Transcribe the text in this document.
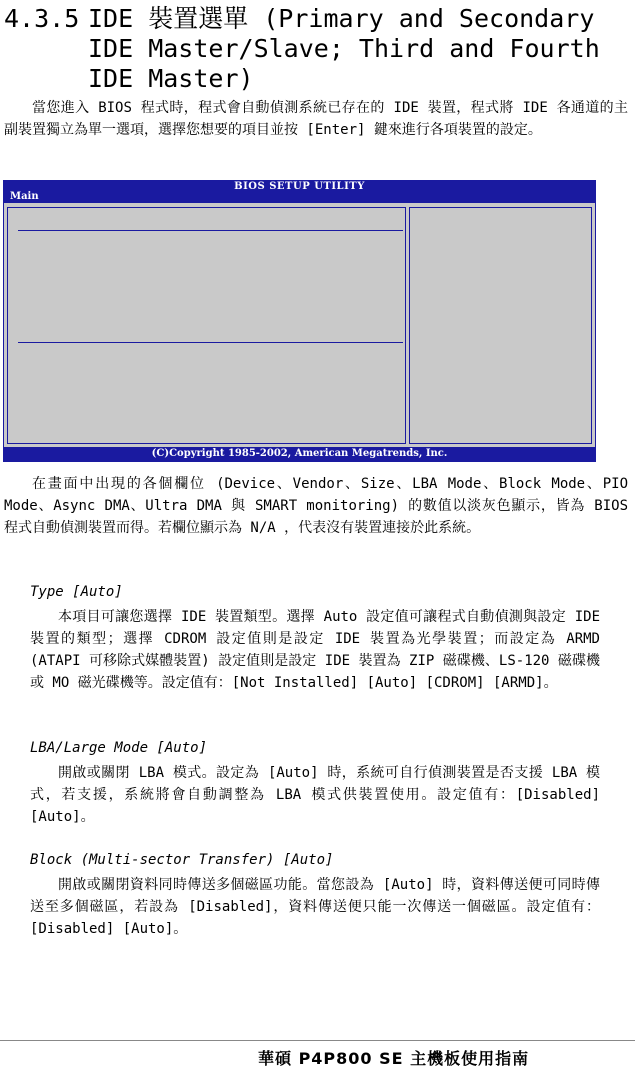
4.3.5 IDE 裝置選單 (Primary and Secondary IDE Master/Slave; Third and Fourth IDE Master)
當您進入 BIOS 程式時，程式會自動偵測系統已存在的 IDE 裝置，程式將 IDE 各通道的主副裝置獨立為單一選項，選擇您想要的項目並按 [Enter] 鍵來進行各項裝置的設定。
BIOS SETUP UTILITY
Main
(C)Copyright 1985-2002, American Megatrends, Inc.
在畫面中出現的各個欄位 (Device、Vendor、Size、LBA Mode、Block Mode、PIO Mode、Async DMA、Ultra DMA 與 SMART monitoring) 的數值以淡灰色顯示，皆為 BIOS 程式自動偵測裝置而得。若欄位顯示為 N/A ，代表沒有裝置連接於此系統。
Type [Auto]
本項目可讓您選擇 IDE 裝置類型。選擇 Auto 設定值可讓程式自動偵測與設定 IDE 裝置的類型；選擇 CDROM 設定值則是設定 IDE 裝置為光學裝置；而設定為 ARMD (ATAPI 可移除式媒體裝置) 設定值則是設定 IDE 裝置為 ZIP 磁碟機、LS-120 磁碟機或 MO 磁光碟機等。設定值有：[Not Installed] [Auto] [CDROM] [ARMD]。
LBA/Large Mode [Auto]
開啟或關閉 LBA 模式。設定為 [Auto] 時，系統可自行偵測裝置是否支援 LBA 模式，若支援，系統將會自動調整為 LBA 模式供裝置使用。設定值有：[Disabled] [Auto]。
Block (Multi-sector Transfer) [Auto]
開啟或關閉資料同時傳送多個磁區功能。當您設為 [Auto] 時，資料傳送便可同時傳送至多個磁區，若設為 [Disabled]，資料傳送便只能一次傳送一個磁區。設定值有：[Disabled] [Auto]。
華碩 P4P800 SE 主機板使用指南
